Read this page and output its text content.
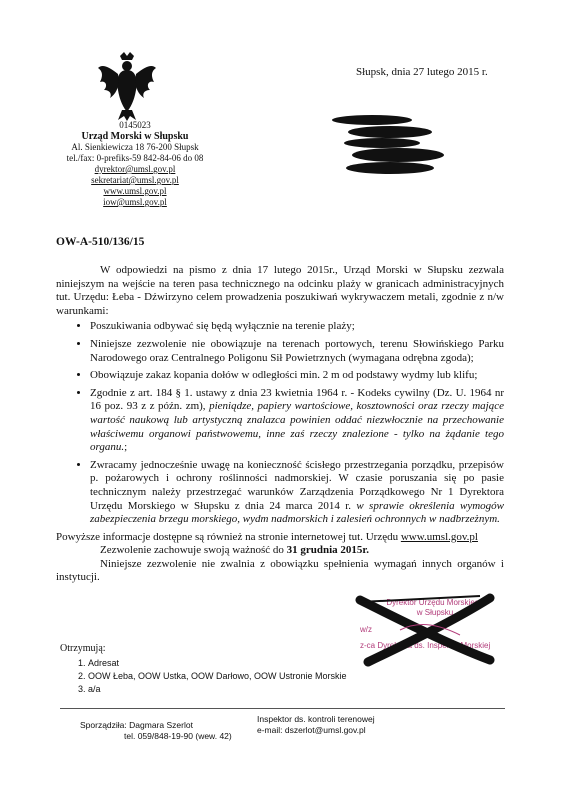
0145023
Urząd Morski w Słupsku
Al. Sienkiewicza 18 76-200 Słupsk
tel./fax: 0-prefiks-59 842-84-06 do 08
dyrektor@umsl.gov.pl
sekretariat@umsl.gov.pl
www.umsl.gov.pl
iow@umsl.gov.pl
Słupsk, dnia 27 lutego 2015 r.
OW-A-510/136/15

W odpowiedzi na pismo z dnia 17 lutego 2015r., Urząd Morski w Słupsku zezwala niniejszym na wejście na teren pasa technicznego na odcinku plaży w granicach administracyjnych tut. Urzędu: Łeba - Dźwirzyno celem prowadzenia poszukiwań wykrywaczem metali, zgodnie z n/w warunkami:

• Poszukiwania odbywać się będą wyłącznie na terenie plaży;
• Niniejsze zezwolenie nie obowiązuje na terenach portowych, terenu Słowińskiego Parku Narodowego oraz Centralnego Poligonu Sił Powietrznych (wymagana odrębna zgoda);
• Obowiązuje zakaz kopania dołów w odległości min. 2 m od podstawy wydmy lub klifu;
• Zgodnie z art. 184 § 1. ustawy z dnia 23 kwietnia 1964 r. - Kodeks cywilny (Dz. U. 1964 nr 16 poz. 93 z z późn. zm), pieniądze, papiery wartościowe, kosztowności oraz rzeczy mające wartość naukową lub artystyczną znalazca powinien oddać niezwłocznie na przechowanie właściwemu organowi państwowemu, inne zaś rzeczy znalezione - tylko na żądanie tego organu.;
• Zwracamy jednocześnie uwagę na konieczność ścisłego przestrzegania porządku, przepisów p. pożarowych i ochrony roślinności nadmorskiej. W czasie poruszania się po pasie technicznym należy przestrzegać warunków Zarządzenia Porządkowego Nr 1 Dyrektora Urzędu Morskiego w Słupsku z dnia 24 marca 2014 r. w sprawie określenia wymogów zabezpieczenia brzegu morskiego, wydm nadmorskich i zalesień ochronnych w nadbrzeżnym.

Powyższe informacje dostępne są również na stronie internetowej tut. Urzędu www.umsl.gov.pl

Zezwolenie zachowuje swoją ważność do 31 grudnia 2015r.

Niniejsze zezwolenie nie zwalnia z obowiązku spełnienia wymagań innych organów i instytucji.

Dyrektor Urzędu Morskiego
w Słupsku
w/z
z-ca Dyrektora ds. Inspekcji Morskiej
Otrzymują:
1. Adresat
2. OOW Łeba, OOW Ustka, OOW Darłowo, OOW Ustronie Morskie
3. a/a
Sporządziła: Dagmara Szerlot
tel. 059/848-19-90 (wew. 42)
Inspektor ds. kontroli terenowej
e-mail: dszerlot@umsl.gov.pl
